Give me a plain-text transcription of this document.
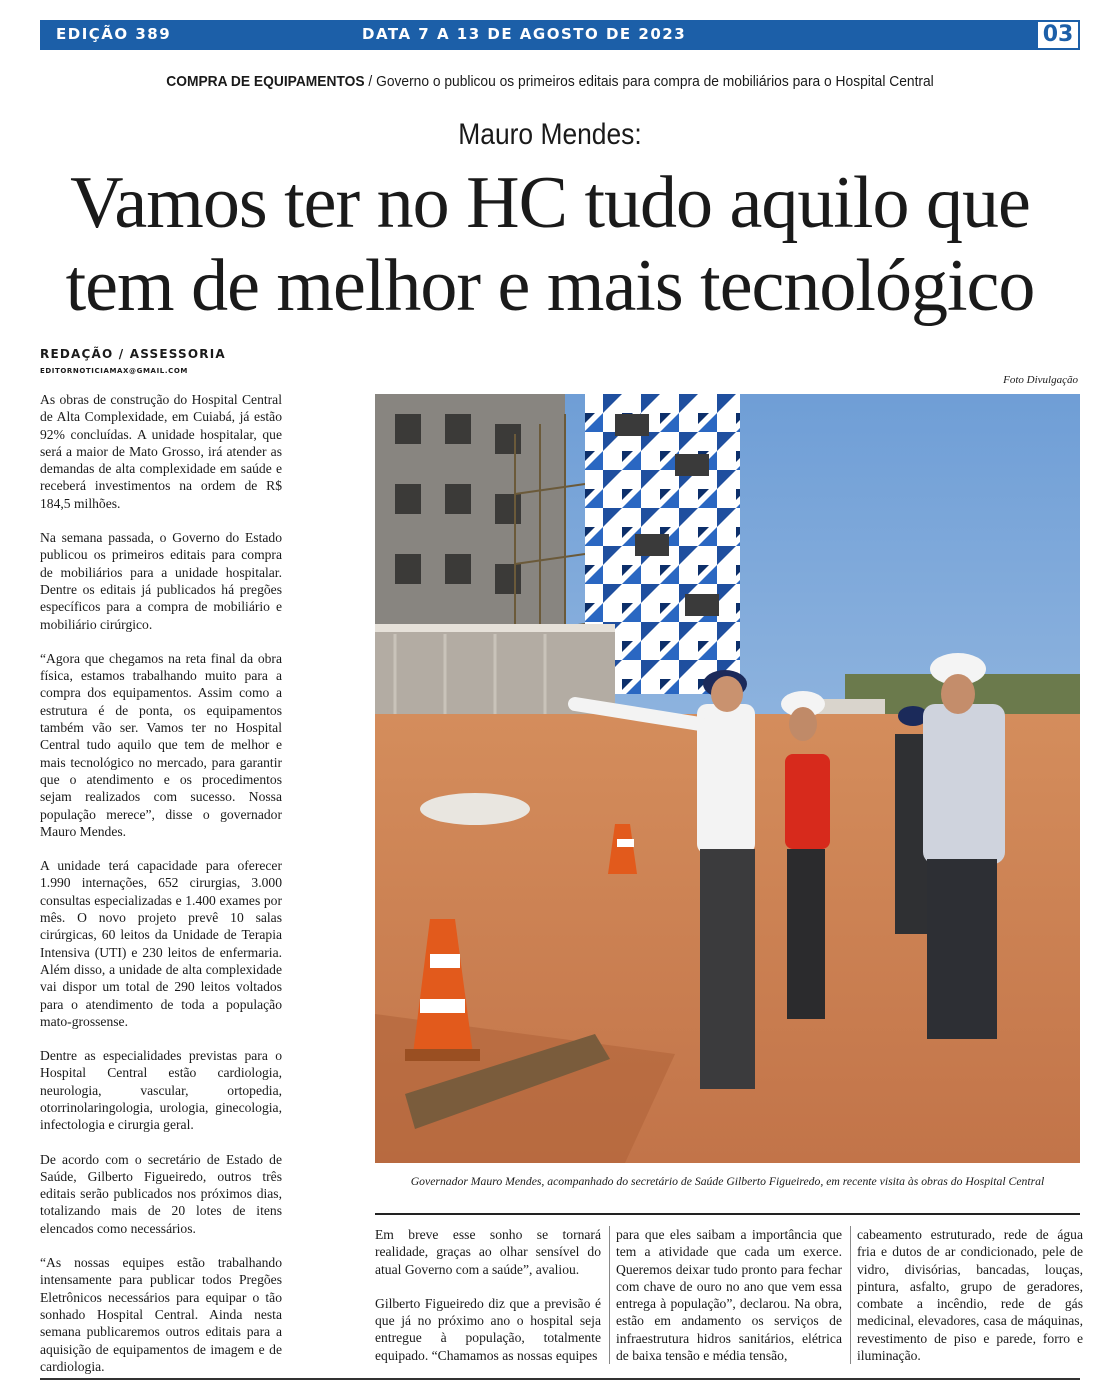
EDIÇÃO 389	DATA 7 A 13 DE AGOSTO DE 2023	03
COMPRA DE EQUIPAMENTOS / Governo o publicou os primeiros editais para compra de mobiliários para o Hospital Central
Mauro Mendes:
Vamos ter no HC tudo aquilo que
tem de melhor e mais tecnológico
REDAÇÃO / ASSESSORIA
EDITORNOTICIAMAX@GMAIL.COM

As obras de construção do Hospital Central de Alta Complexidade, em Cuiabá, já estão 92% concluídas. A unidade hospitalar, que será a maior de Mato Grosso, irá atender as demandas de alta complexidade em saúde e receberá investimentos na ordem de R$ 184,5 milhões.

Na semana passada, o Governo do Estado publicou os primeiros editais para compra de mobiliários para a unidade hospitalar. Dentre os editais já publicados há pregões específicos para a compra de mobiliário e mobiliário cirúrgico.

“Agora que chegamos na reta final da obra física, estamos trabalhando muito para a compra dos equipamentos. Assim como a estrutura é de ponta, os equipamentos também vão ser. Vamos ter no Hospital Central tudo aquilo que tem de melhor e mais tecnológico no mercado, para garantir que o atendimento e os procedimentos sejam realizados com sucesso. Nossa população merece”, disse o governador Mauro Mendes.

A unidade terá capacidade para oferecer 1.990 internações, 652 cirurgias, 3.000 consultas especializadas e 1.400 exames por mês. O novo projeto prevê 10 salas cirúrgicas, 60 leitos da Unidade de Terapia Intensiva (UTI) e 230 leitos de enfermaria. Além disso, a unidade de alta complexidade vai dispor um total de 290 leitos voltados para o atendimento de toda a população mato-grossense.

Dentre as especialidades previstas para o Hospital Central estão cardiologia, neurologia, vascular, ortopedia, otorrinolaringologia, urologia, ginecologia, infectologia e cirurgia geral.

De acordo com o secretário de Estado de Saúde, Gilberto Figueiredo, outros três editais serão publicados nos próximos dias, totalizando mais de 20 lotes de itens elencados como necessários.

“As nossas equipes estão trabalhando intensamente para publicar todos Pregões Eletrônicos necessários para equipar o tão sonhado Hospital Central. Ainda nesta semana publicaremos outros editais para a aquisição de equipamentos de imagem e de cardiologia.

Foto Divulgação
Governador Mauro Mendes, acompanhado do secretário de Saúde Gilberto Figueiredo, em recente visita às obras do Hospital Central

Em breve esse sonho se tornará realidade, graças ao olhar sensível do atual Governo com a saúde”, avaliou.

Gilberto Figueiredo diz que a previsão é que já no próximo ano o hospital seja entregue à população, totalmente equipado. “Chamamos as nossas equipes

para que eles saibam a importância que tem a atividade que cada um exerce. Queremos deixar tudo pronto para fechar com chave de ouro no ano que vem essa entrega à população”, declarou. Na obra, estão em andamento os serviços de infraestrutura hidros sanitários, elétrica de baixa tensão e média tensão,

cabeamento estruturado, rede de água fria e dutos de ar condicionado, pele de vidro, divisórias, bancadas, louças, pintura, asfalto, grupo de geradores, combate a incêndio, rede de gás medicinal, elevadores, casa de máquinas, revestimento de piso e parede, forro e iluminação.
